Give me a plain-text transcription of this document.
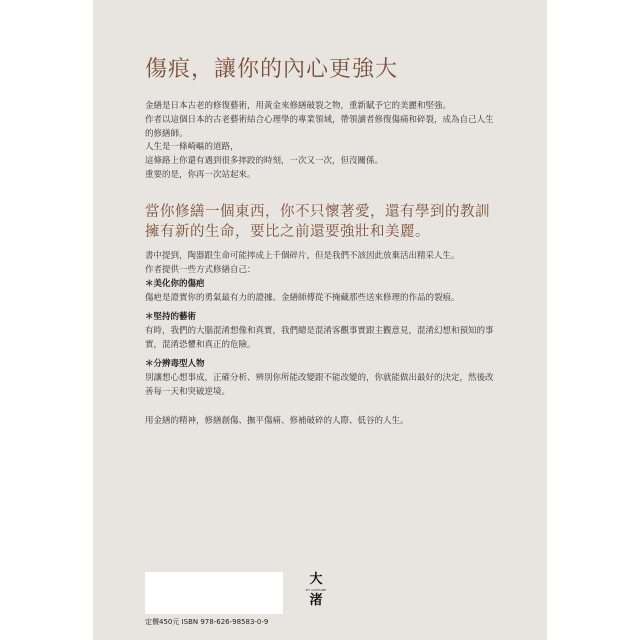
傷痕，讓你的內心更強大
金繕是日本古老的修復藝術，用黃金來修繕破裂之物，重新賦予它的美麗和堅強。
作者以這個日本的古老藝術結合心理學的專業領域，帶領讀者修復傷痛和碎裂，成為自己人生
的修繕師。
人生是一條崎嶇的道路，
這條路上你還有遇到很多摔跤的時刻，一次又一次，但沒關係。
重要的是，你再一次站起來。
當你修繕一個東西，你不只懷著愛，還有學到的教訓
擁有新的生命，要比之前還要強壯和美麗。
書中提到，陶器跟生命可能摔成上千個碎片，但是我們不該因此放棄活出精采人生。
作者提供一些方式修繕自己：
＊美化你的傷疤
傷疤是證實你的勇氣最有力的證據。金繕師傅從不掩藏那些送來修理的作品的裂痕。
＊堅持的藝術
有時，我們的大腦混淆想像和真實，我們總是混淆客觀事實跟主觀意見，混淆幻想和預知的事
實，混淆恐懼和真正的危險。
＊分辨毒型人物
別讓想心想事成，正確分析、辨別你所能改變跟不能改變的，你就能做出最好的決定，然後改
善每一天和突破逆境。
用金繕的精神，修繕創傷、撫平傷痛、修補破碎的人際、低谷的人生。
定價450元 ISBN 978-626-98583-0-9
大
DT CULTURE
渚
